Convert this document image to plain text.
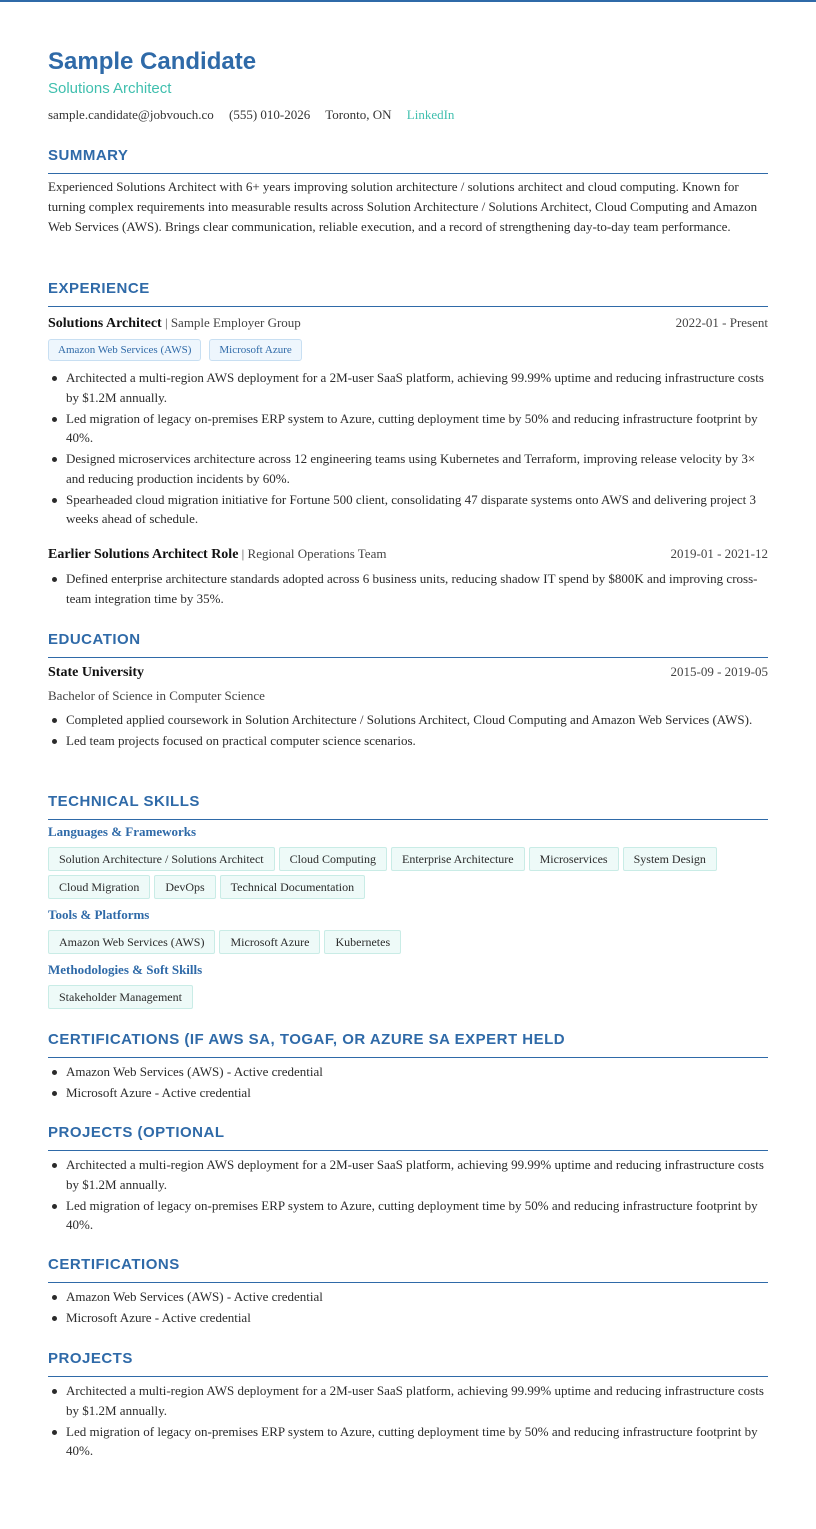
Sample Candidate
Solutions Architect
sample.candidate@jobvouch.co (555) 010-2026 Toronto, ON LinkedIn
SUMMARY
Experienced Solutions Architect with 6+ years improving solution architecture / solutions architect and cloud computing. Known for turning complex requirements into measurable results across Solution Architecture / Solutions Architect, Cloud Computing and Amazon Web Services (AWS). Brings clear communication, reliable execution, and a record of strengthening day-to-day team performance.
EXPERIENCE
Solutions Architect | Sample Employer Group	2022-01 - Present
Amazon Web Services (AWS)	Microsoft Azure
Architected a multi-region AWS deployment for a 2M-user SaaS platform, achieving 99.99% uptime and reducing infrastructure costs by $1.2M annually.
Led migration of legacy on-premises ERP system to Azure, cutting deployment time by 50% and reducing infrastructure footprint by 40%.
Designed microservices architecture across 12 engineering teams using Kubernetes and Terraform, improving release velocity by 3× and reducing production incidents by 60%.
Spearheaded cloud migration initiative for Fortune 500 client, consolidating 47 disparate systems onto AWS and delivering project 3 weeks ahead of schedule.
Earlier Solutions Architect Role | Regional Operations Team	2019-01 - 2021-12
Defined enterprise architecture standards adopted across 6 business units, reducing shadow IT spend by $800K and improving cross-team integration time by 35%.
EDUCATION
State University	2015-09 - 2019-05
Bachelor of Science in Computer Science
Completed applied coursework in Solution Architecture / Solutions Architect, Cloud Computing and Amazon Web Services (AWS).
Led team projects focused on practical computer science scenarios.
TECHNICAL SKILLS
Languages & Frameworks
Solution Architecture / Solutions Architect Cloud Computing Enterprise Architecture Microservices System Design
Cloud Migration DevOps Technical Documentation
Tools & Platforms
Amazon Web Services (AWS) Microsoft Azure Kubernetes
Methodologies & Soft Skills
Stakeholder Management
CERTIFICATIONS (IF AWS SA, TOGAF, OR AZURE SA EXPERT HELD
Amazon Web Services (AWS) - Active credential
Microsoft Azure - Active credential
PROJECTS (OPTIONAL
Architected a multi-region AWS deployment for a 2M-user SaaS platform, achieving 99.99% uptime and reducing infrastructure costs by $1.2M annually.
Led migration of legacy on-premises ERP system to Azure, cutting deployment time by 50% and reducing infrastructure footprint by 40%.
CERTIFICATIONS
Amazon Web Services (AWS) - Active credential
Microsoft Azure - Active credential
PROJECTS
Architected a multi-region AWS deployment for a 2M-user SaaS platform, achieving 99.99% uptime and reducing infrastructure costs by $1.2M annually.
Led migration of legacy on-premises ERP system to Azure, cutting deployment time by 50% and reducing infrastructure footprint by 40%.
